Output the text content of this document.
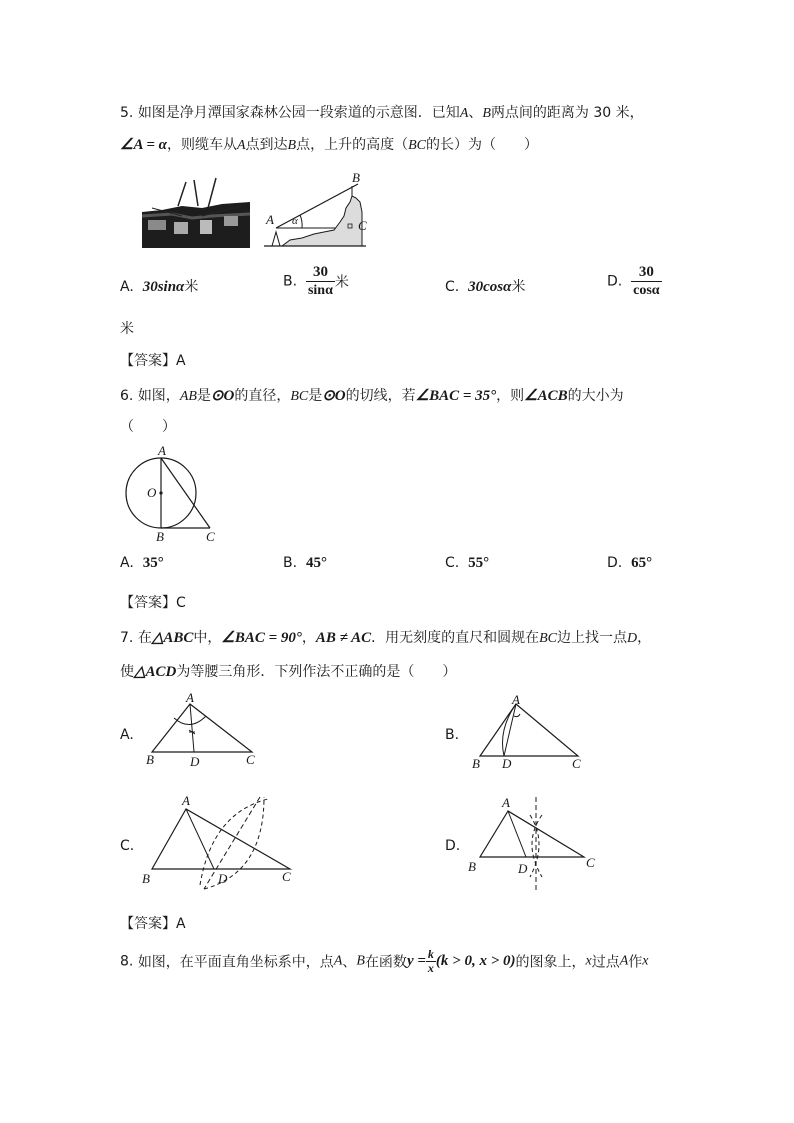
5. 如图是净月潭国家森林公园一段索道的示意图．已知A、B两点间的距离为 30 米，
∠A = α，则缆车从A点到达B点，上升的高度（BC的长）为（　　）
B
A α	C
A. 30sinα米	B. $\frac{30}{\sin\alpha}$ 米	C. 30cosα米	D. $\frac{30}{\cos\alpha}$
米
【答案】A
6. 如图，AB是⊙O的直径，BC是⊙O的切线，若∠BAC = 35°，则∠ACB的大小为
（　　）
A
O
B	C
A. 35°	B. 45°	C. 55°	D. 65°
【答案】C
7. 在△ABC中，∠BAC = 90°，AB ≠ AC．用无刻度的直尺和圆规在BC边上找一点D，
使△ACD为等腰三角形．下列作法不正确的是（　　）
A.
A
B	D	C
B.
A
B D	C
C.
A
B	D	C
D.
A
B	D	C
【答案】A
8. 如图，在平面直角坐标系中，点A、B在函数$y = \frac{k}{x} (k > 0$, x > 0)的图象上，x过点A作x
